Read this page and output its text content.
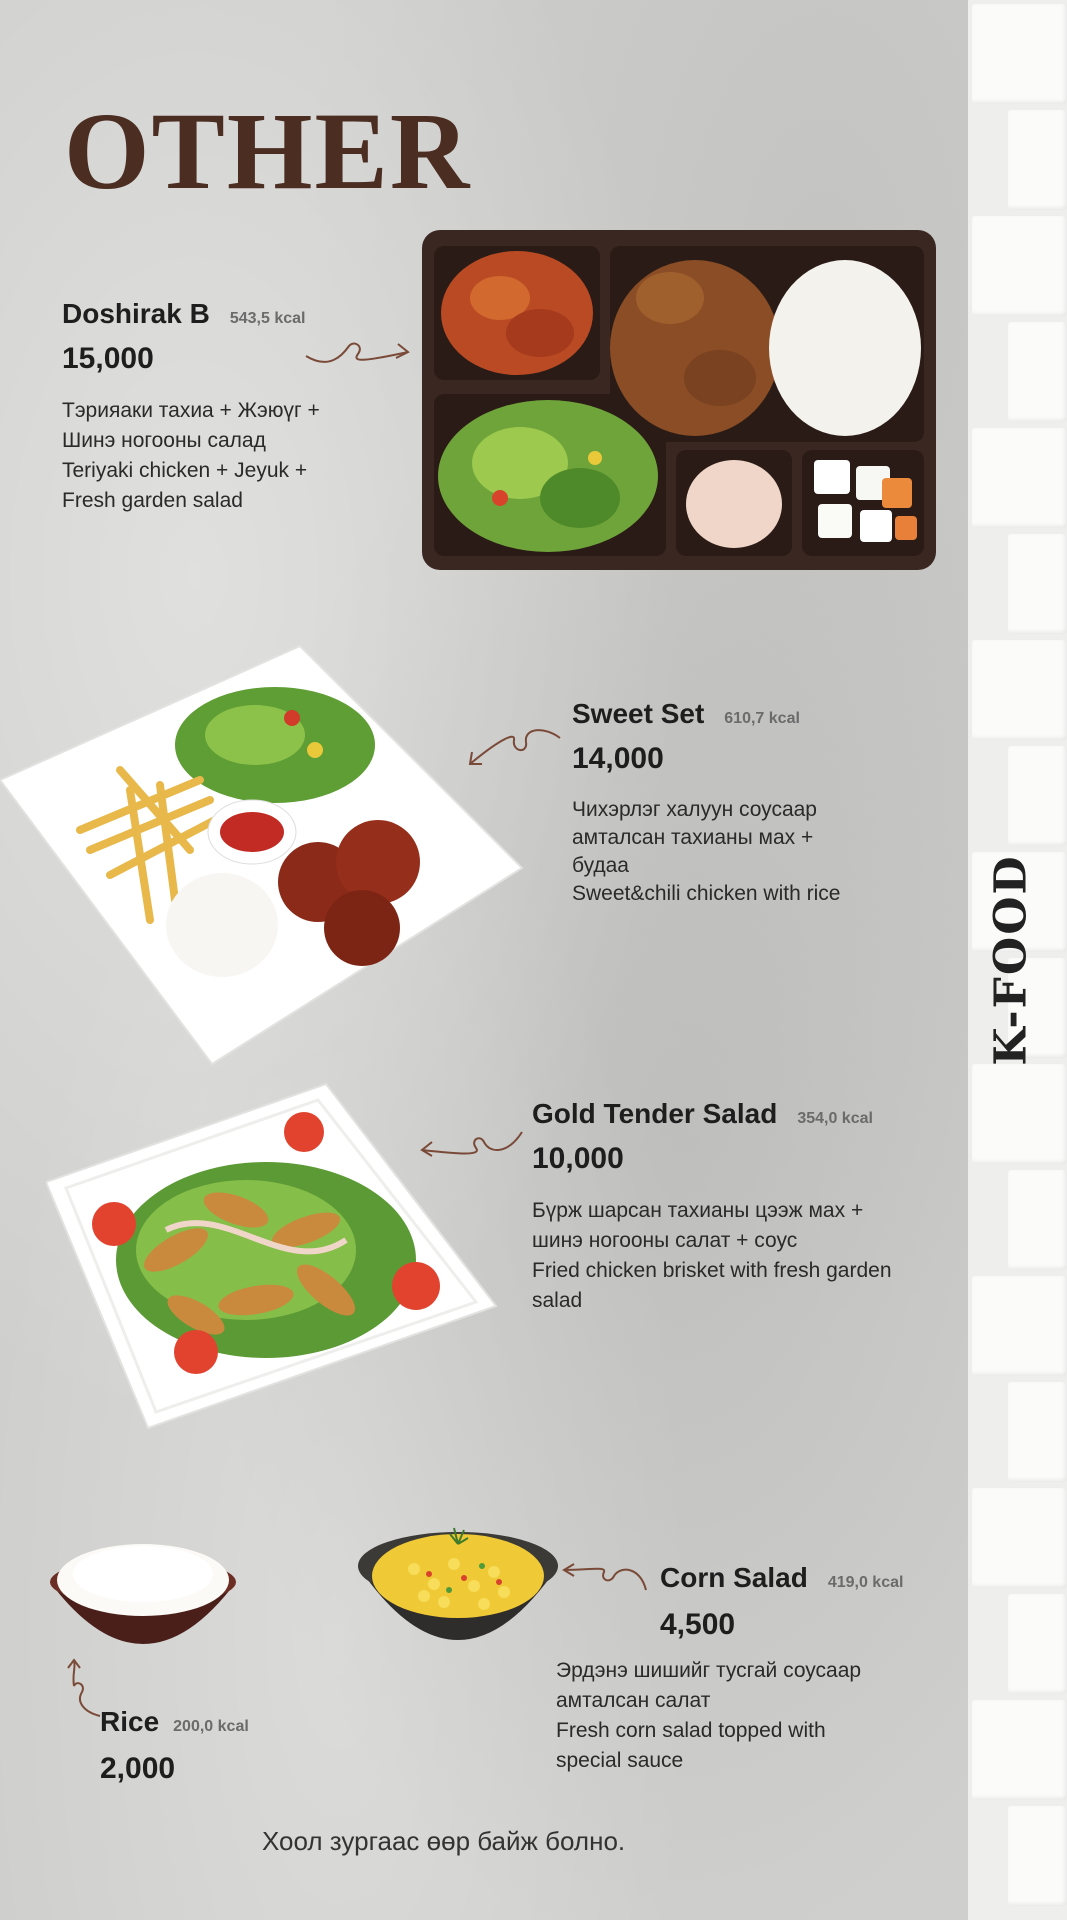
K-FOOD
OTHER
Doshirak B 543,5 kcal
15,000
Тэрияаки тахиа + Жэюүг +
Шинэ ногооны салад
Teriyaki chicken + Jeyuk +
Fresh garden salad
Sweet Set 610,7 kcal
14,000
Чихэрлэг халуун соусаар
амталсан тахианы мах +
будаа
Sweet&chili chicken with rice
Gold Tender Salad 354,0 kcal
10,000
Бүрж шарсан тахианы цээж мах +
шинэ ногооны салат + соус
Fried chicken brisket with fresh garden
salad
Rice 200,0 kcal
2,000
Corn Salad 419,0 kcal
4,500
Эрдэнэ шишийг тусгай соусаар
амталсан салат
Fresh corn salad topped with
special sauce
Хоол зургаас өөр байж болно.
